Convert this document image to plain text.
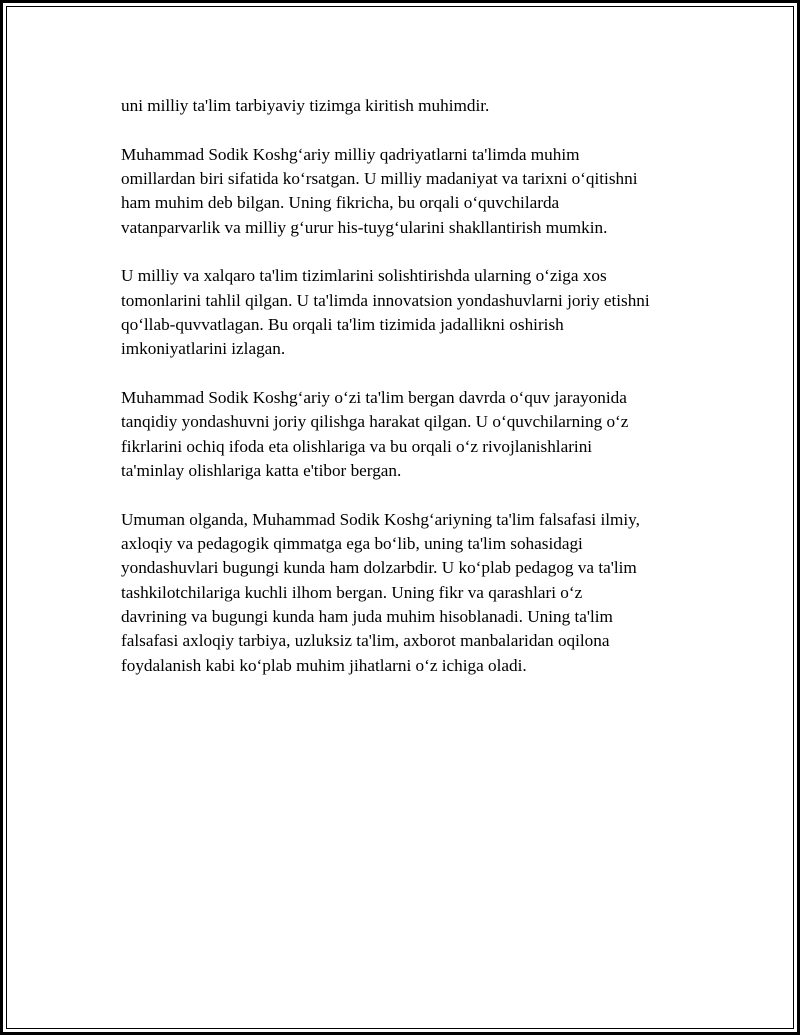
uni milliy ta'lim tarbiyaviy tizimga kiritish muhimdir.

Muhammad Sodik Koshg‘ariy milliy qadriyatlarni ta'limda muhim
omillardan biri sifatida ko‘rsatgan. U milliy madaniyat va tarixni o‘qitishni
ham muhim deb bilgan. Uning fikricha, bu orqali o‘quvchilarda
vatanparvarlik va milliy g‘urur his-tuyg‘ularini shakllantirish mumkin.

U milliy va xalqaro ta'lim tizimlarini solishtirishda ularning o‘ziga xos
tomonlarini tahlil qilgan. U ta'limda innovatsion yondashuvlarni joriy etishni
qo‘llab-quvvatlagan. Bu orqali ta'lim tizimida jadallikni oshirish
imkoniyatlarini izlagan.

Muhammad Sodik Koshg‘ariy o‘zi ta'lim bergan davrda o‘quv jarayonida
tanqidiy yondashuvni joriy qilishga harakat qilgan. U o‘quvchilarning o‘z
fikrlarini ochiq ifoda eta olishlariga va bu orqali o‘z rivojlanishlarini
ta'minlay olishlariga katta e'tibor bergan.

Umuman olganda, Muhammad Sodik Koshg‘ariyning ta'lim falsafasi ilmiy,
axloqiy va pedagogik qimmatga ega bo‘lib, uning ta'lim sohasidagi
yondashuvlari bugungi kunda ham dolzarbdir. U ko‘plab pedagog va ta'lim
tashkilotchilariga kuchli ilhom bergan. Uning fikr va qarashlari o‘z
davrining va bugungi kunda ham juda muhim hisoblanadi. Uning ta'lim
falsafasi axloqiy tarbiya, uzluksiz ta'lim, axborot manbalaridan oqilona
foydalanish kabi ko‘plab muhim jihatlarni o‘z ichiga oladi.
